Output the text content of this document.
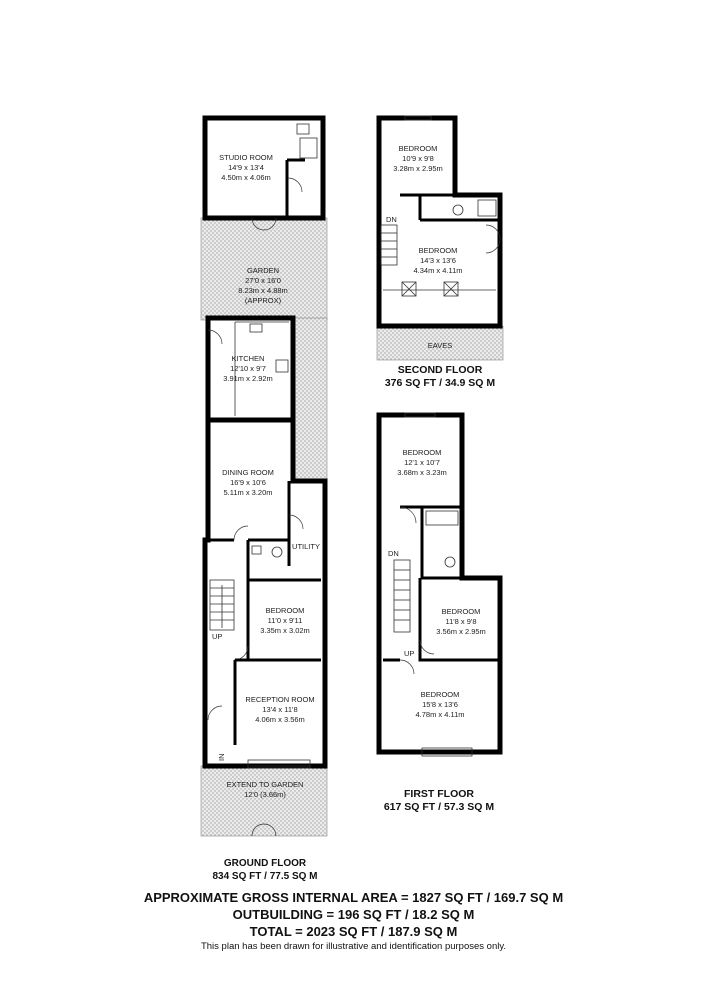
STUDIO ROOM
14'9 x 13'4
4.50m x 4.06m
GARDEN
27'0 x 16'0
8.23m x 4.88m
(APPROX)
KITCHEN
12'10 x 9'7
3.91m x 2.92m
DINING ROOM
16'9 x 10'6
5.11m x 3.20m
UTILITY
BEDROOM
11'0 x 9'11
3.35m x 3.02m
RECEPTION ROOM
13'4 x 11'8
4.06m x 3.56m
EXTEND TO GARDEN
12'0 (3.66m)
UP
IN
BEDROOM
10'9 x 9'8
3.28m x 2.95m
BEDROOM
14'3 x 13'6
4.34m x 4.11m
EAVES
DN
SECOND FLOOR
376 SQ FT / 34.9 SQ M
BEDROOM
12'1 x 10'7
3.68m x 3.23m
BEDROOM
11'8 x 9'8
3.56m x 2.95m
BEDROOM
15'8 x 13'6
4.78m x 4.11m
DN
UP
FIRST FLOOR
617 SQ FT / 57.3 SQ M
GROUND FLOOR
834 SQ FT / 77.5 SQ M
APPROXIMATE GROSS INTERNAL AREA = 1827 SQ FT / 169.7 SQ M
OUTBUILDING = 196 SQ FT / 18.2 SQ M
TOTAL = 2023 SQ FT / 187.9 SQ M
This plan has been drawn for illustrative and identification purposes only.
